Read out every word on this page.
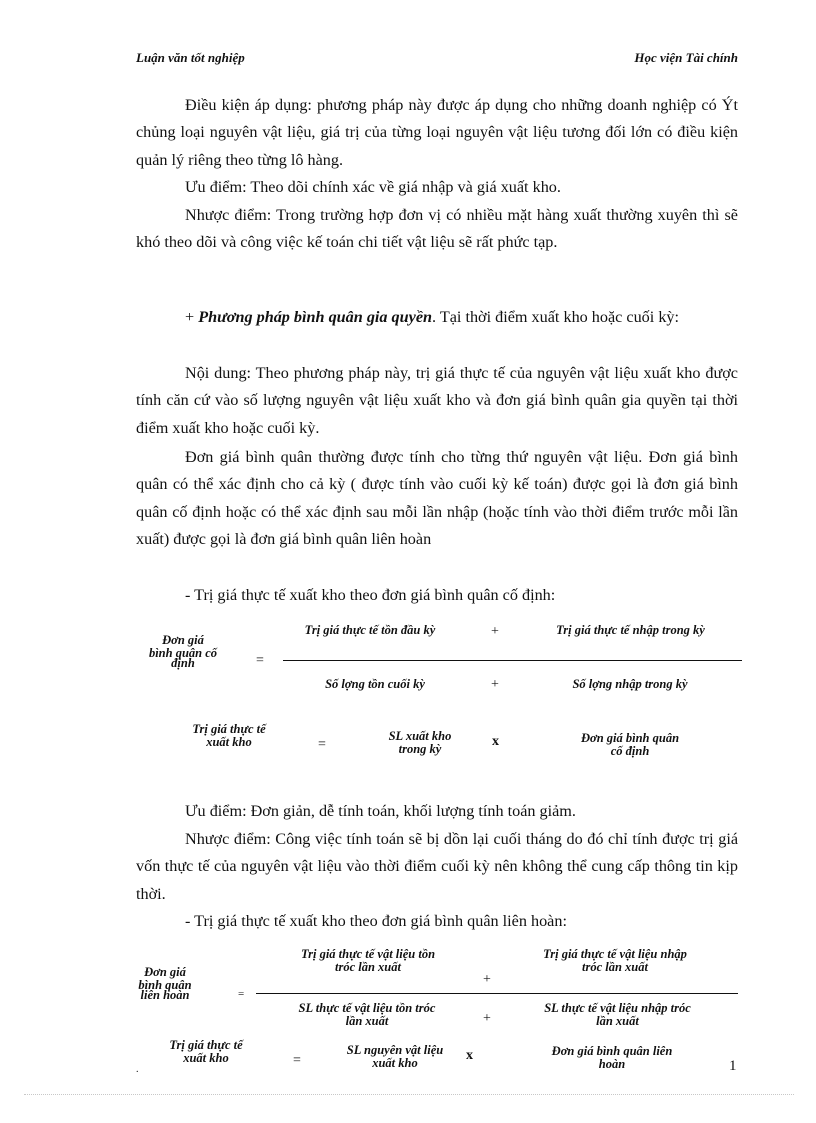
Luận văn tốt nghiệp	Học viện Tài chính

Điều kiện áp dụng: phương pháp này được áp dụng cho những doanh nghiệp có Ýt chủng loại nguyên vật liệu, giá trị của từng loại nguyên vật liệu tương đối lớn có điều kiện quản lý riêng theo từng lô hàng.

Ưu điểm: Theo dõi chính xác về giá nhập và giá xuất kho.

Nhược điểm: Trong trường hợp đơn vị có nhiều mặt hàng xuất thường xuyên thì sẽ khó theo dõi và công việc kế toán chi tiết vật liệu sẽ rất phức tạp.

+ Phương pháp bình quân gia quyền. Tại thời điểm xuất kho hoặc cuối kỳ:

Nội dung: Theo phương pháp này, trị giá thực tế của nguyên vật liệu xuất kho được tính căn cứ vào số lượng nguyên vật liệu xuất kho và đơn giá bình quân gia quyền tại thời điểm xuất kho hoặc cuối kỳ.

Đơn giá bình quân thường được tính cho từng thứ nguyên vật liệu. Đơn giá bình quân có thể xác định cho cả kỳ ( được tính vào cuối kỳ kế toán) được gọi là đơn giá bình quân cố định hoặc có thể xác định sau mỗi lần nhập (hoặc tính vào thời điểm trước mỗi lần xuất) được gọi là đơn giá bình quân liên hoàn

- Trị giá thực tế xuất kho theo đơn giá bình quân cố định:

Đơn giá
bình quân cố
định	=
Trị giá thực tế tồn đầu kỳ	+	Trị giá thực tế nhập trong kỳ
Số lợng tồn cuối kỳ	+	Số lợng nhập trong kỳ
Trị giá thực tế
xuất kho	=
SL xuất kho
trong kỳ	x	Đơn giá bình quân
cố định

Ưu điểm: Đơn giản, dễ tính toán, khối lượng tính toán giảm.

Nhược điểm: Công việc tính toán sẽ bị dồn lại cuối tháng do đó chỉ tính được trị giá vốn thực tế của nguyên vật liệu vào thời điểm cuối kỳ nên không thể cung cấp thông tin kịp thời.

- Trị giá thực tế xuất kho theo đơn giá bình quân liên hoàn:

Đơn giá
bình quân
liên hoàn	=
Trị giá thực tế vật liệu tồn
tróc lần xuất
+
Trị giá thực tế vật liệu nhập
tróc lần xuất
SL thực tế vật liệu tồn tróc
lần xuất	+
SL thực tế vật liệu nhập tróc
lần xuất
Trị giá thực tế
xuất kho	=
SL nguyên vật liệu
xuất kho	x	Đơn giá bình quân liên
hoàn
.	1
